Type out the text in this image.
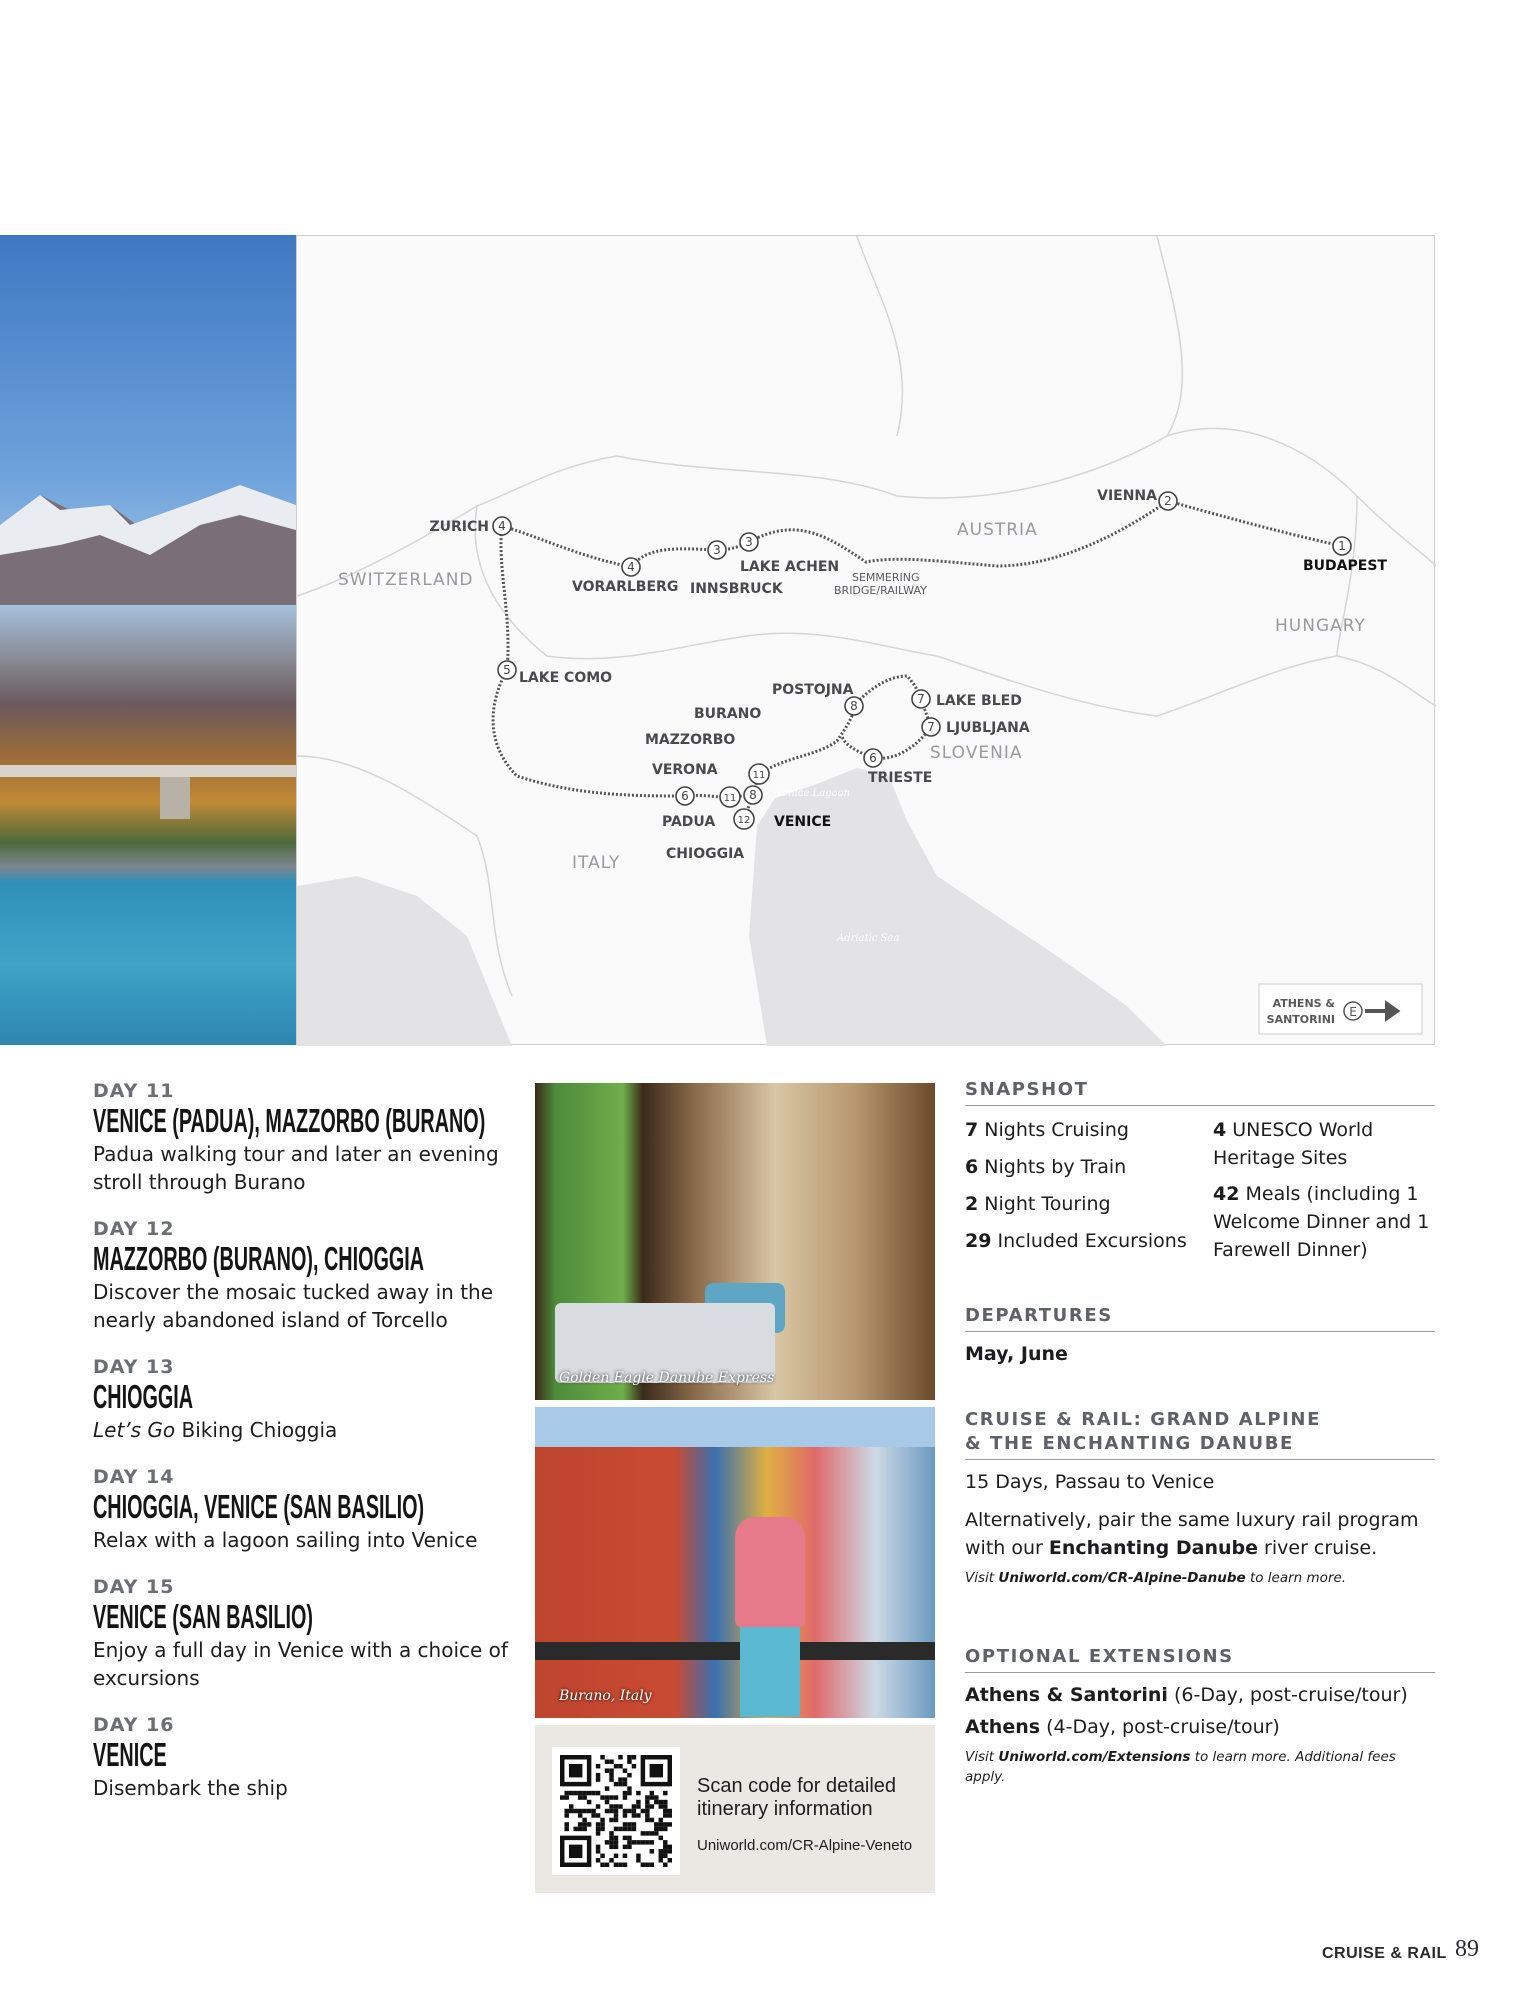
4
ZURICH
4
VORARLBERG
3
INNSBRUCK
3
LAKE ACHEN
2
VIENNA
1
BUDAPEST
5 LAKE COMO
6
VERONA
11
PADUA
8
VENICE
11
MAZZORBO
12
CHIOGGIA
8
POSTOJNA
7 LAKE BLED
7 LJUBLJANA
6
TRIESTE
SWITZERLAND
AUSTRIA
HUNGARY
SLOVENIA
ITALY
BURANO
SEMMERING
BRIDGE/RAILWAY
Venice Lagoon
Adriatic Sea
ATHENS &
SANTORINI
E
DAY 11
VENICE (PADUA), MAZZORBO (BURANO)
Padua walking tour and later an evening stroll through Burano
DAY 12
MAZZORBO (BURANO), CHIOGGIA
Discover the mosaic tucked away in the nearly abandoned island of Torcello
DAY 13
CHIOGGIA
Let’s Go Biking Chioggia
DAY 14
CHIOGGIA, VENICE (SAN BASILIO)
Relax with a lagoon sailing into Venice
DAY 15
VENICE (SAN BASILIO)
Enjoy a full day in Venice with a choice of excursions
DAY 16
VENICE
Disembark the ship
Golden Eagle Danube Express
Burano, Italy
Scan code for detailed itinerary information
Uniworld.com/CR-Alpine-Veneto
SNAPSHOT

7 Nights Cruising

6 Nights by Train

2 Night Touring

29 Included Excursions

4 UNESCO World Heritage Sites

42 Meals (including 1 Welcome Dinner and 1 Farewell Dinner)

DEPARTURES

May, June

CRUISE & RAIL: GRAND ALPINE & THE ENCHANTING DANUBE

15 Days, Passau to Venice

Alternatively, pair the same luxury rail program with our Enchanting Danube river cruise.

Visit Uniworld.com/CR-Alpine-Danube to learn more.

OPTIONAL EXTENSIONS

Athens & Santorini (6-Day, post-cruise/tour)

Athens (4-Day, post-cruise/tour)

Visit Uniworld.com/Extensions to learn more. Additional fees apply.

CRUISE & RAIL 89
